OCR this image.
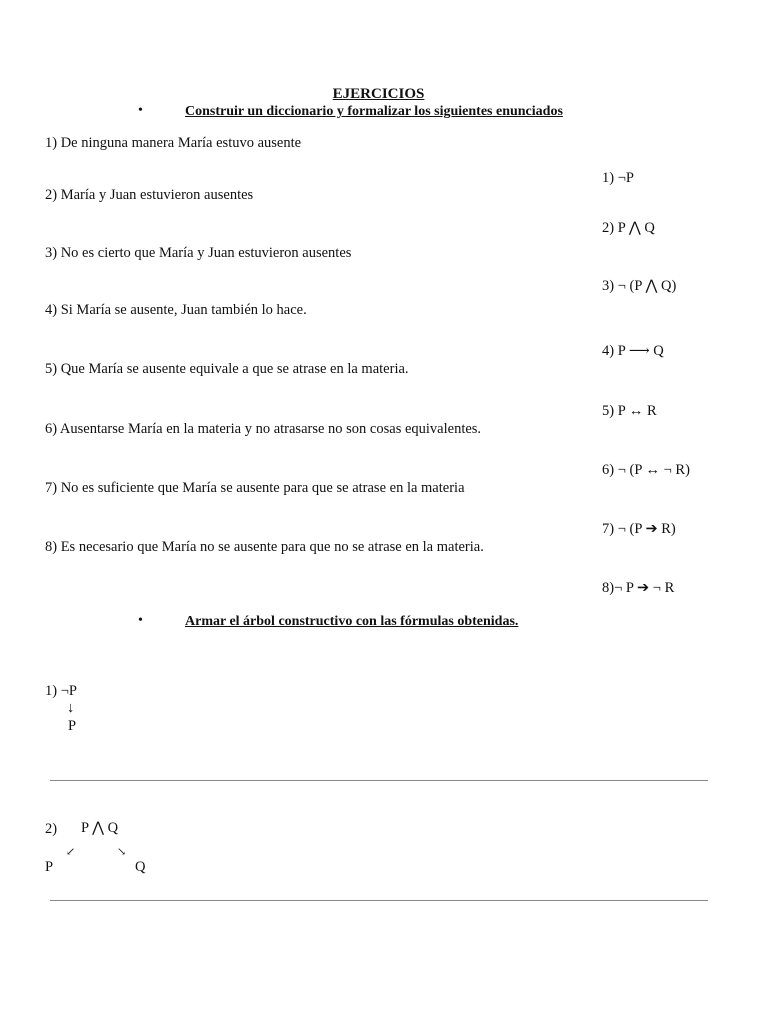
EJERCICIOS
•	Construir un diccionario y formalizar los siguientes enunciados
1) De ninguna manera María estuvo ausente
2) María y Juan estuvieron ausentes
3) No es cierto que María y Juan estuvieron ausentes
4) Si María se ausente, Juan también lo hace.
5) Que María se ausente equivale a que se atrase en la materia.
6) Ausentarse María en la materia y no atrasarse no son cosas equivalentes.
7) No es suficiente que María se ausente para que se atrase en la materia
8) Es necesario que María no se ausente para que no se atrase en la materia.
1) ¬P
2) P ⋀ Q
3) ¬ (P ⋀ Q)
4) P ⟶ Q
5) P ↔ R
6) ¬ (P ↔ ¬ R)
7) ¬ (P ➔ R)
8)¬ P ➔ ¬ R
•	Armar el árbol constructivo con las fórmulas obtenidas.
1) ¬P
↓
P
2) P ⋀ Q
↙	↘
P	Q
